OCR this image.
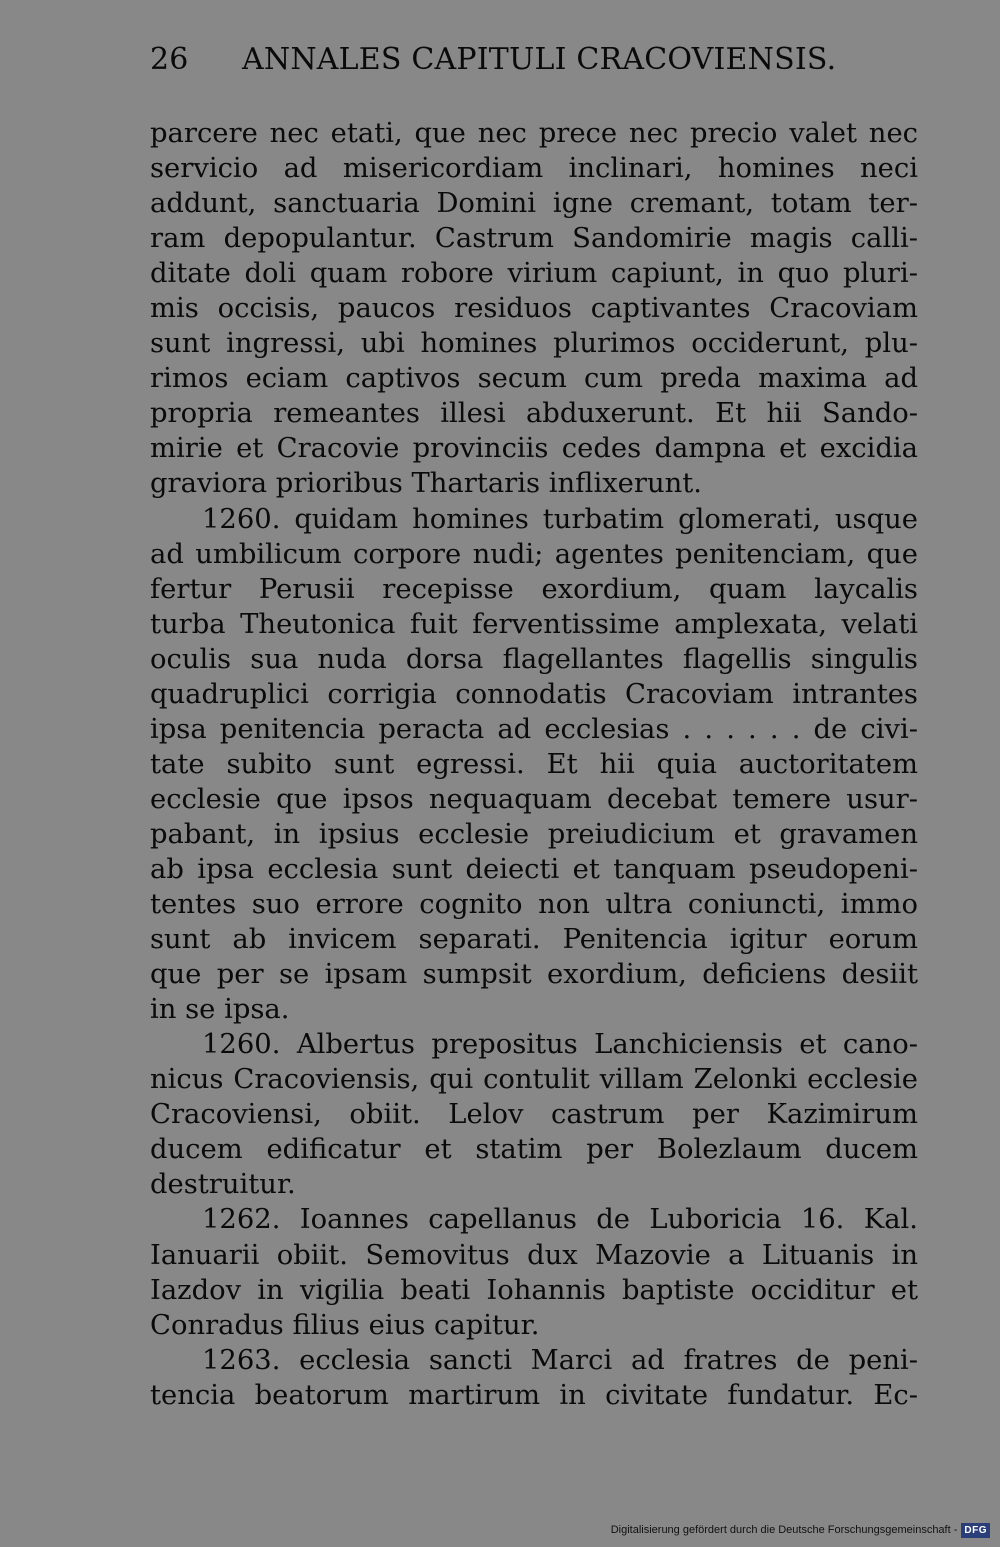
26 ANNALES CAPITULI CRACOVIENSIS.
parcere nec etati, que nec prece nec precio valet nec
servicio ad misericordiam inclinari, homines neci
addunt, sanctuaria Domini igne cremant, totam ter-
ram depopulantur. Castrum Sandomirie magis calli-
ditate doli quam robore virium capiunt, in quo pluri-
mis occisis, paucos residuos captivantes Cracoviam
sunt ingressi, ubi homines plurimos occiderunt, plu-
rimos eciam captivos secum cum preda maxima ad
propria remeantes illesi abduxerunt. Et hii Sando-
mirie et Cracovie provinciis cedes dampna et excidia
graviora prioribus Thartaris inflixerunt.
1260. quidam homines turbatim glomerati, usque
ad umbilicum corpore nudi; agentes penitenciam, que
fertur Perusii recepisse exordium, quam laycalis
turba Theutonica fuit ferventissime amplexata, velati
oculis sua nuda dorsa flagellantes flagellis singulis
quadruplici corrigia connodatis Cracoviam intrantes
ipsa penitencia peracta ad ecclesias . . . . . . de civi-
tate subito sunt egressi. Et hii quia auctoritatem
ecclesie que ipsos nequaquam decebat temere usur-
pabant, in ipsius ecclesie preiudicium et gravamen
ab ipsa ecclesia sunt deiecti et tanquam pseudopeni-
tentes suo errore cognito non ultra coniuncti, immo
sunt ab invicem separati. Penitencia igitur eorum
que per se ipsam sumpsit exordium, deficiens desiit
in se ipsa.
1260. Albertus prepositus Lanchiciensis et cano-
nicus Cracoviensis, qui contulit villam Zelonki ecclesie
Cracoviensi, obiit. Lelov castrum per Kazimirum
ducem edificatur et statim per Bolezlaum ducem
destruitur.
1262. Ioannes capellanus de Luboricia 16. Kal.
Ianuarii obiit. Semovitus dux Mazovie a Lituanis in
Iazdov in vigilia beati Iohannis baptiste occiditur et
Conradus filius eius capitur.
1263. ecclesia sancti Marci ad fratres de peni-
tencia beatorum martirum in civitate fundatur. Ec-
Digitalisierung gefördert durch die Deutsche Forschungsgemeinschaft - DFG
